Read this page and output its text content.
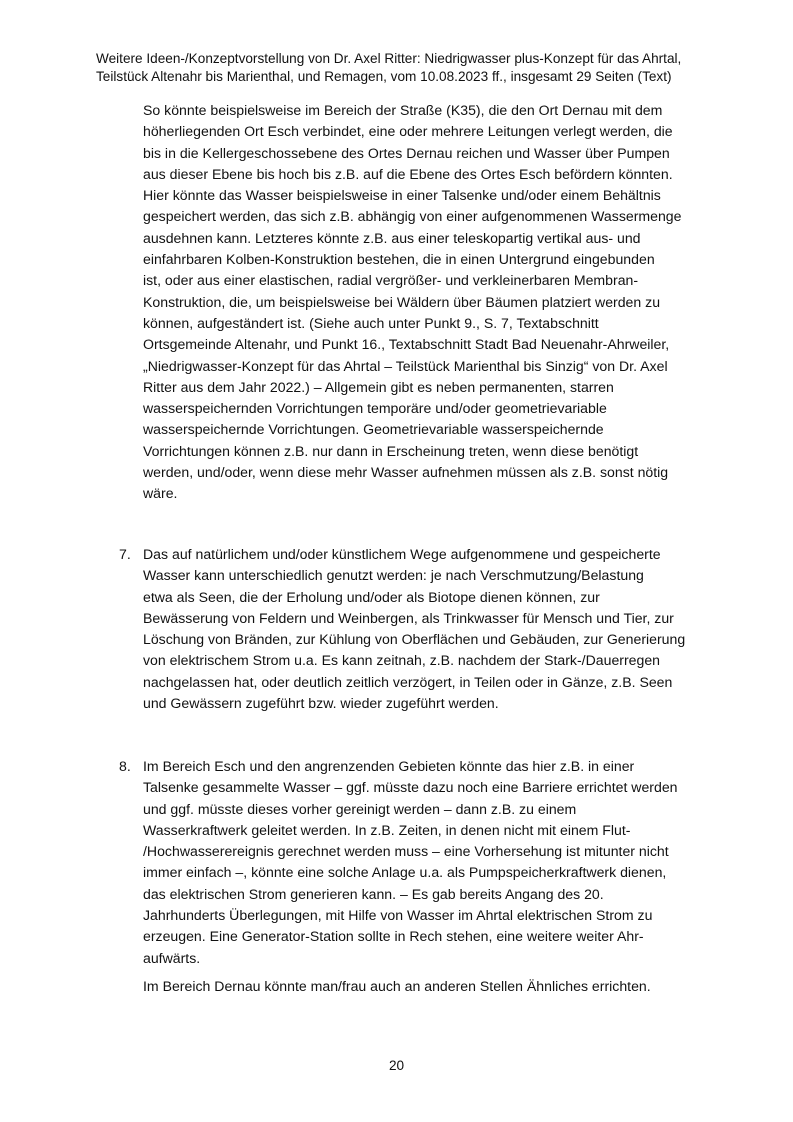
Weitere Ideen-/Konzeptvorstellung von Dr. Axel Ritter: Niedrigwasser plus-Konzept für das Ahrtal,
Teilstück Altenahr bis Marienthal, und Remagen, vom 10.08.2023 ff., insgesamt 29 Seiten (Text)
So könnte beispielsweise im Bereich der Straße (K35), die den Ort Dernau mit dem
höherliegenden Ort Esch verbindet, eine oder mehrere Leitungen verlegt werden, die
bis in die Kellergeschossebene des Ortes Dernau reichen und Wasser über Pumpen
aus dieser Ebene bis hoch bis z.B. auf die Ebene des Ortes Esch befördern könnten.
Hier könnte das Wasser beispielsweise in einer Talsenke und/oder einem Behältnis
gespeichert werden, das sich z.B. abhängig von einer aufgenommenen Wassermenge
ausdehnen kann. Letzteres könnte z.B. aus einer teleskopartig vertikal aus- und
einfahrbaren Kolben-Konstruktion bestehen, die in einen Untergrund eingebunden
ist, oder aus einer elastischen, radial vergrößer- und verkleinerbaren Membran-
Konstruktion, die, um beispielsweise bei Wäldern über Bäumen platziert werden zu
können, aufgeständert ist. (Siehe auch unter Punkt 9., S. 7, Textabschnitt
Ortsgemeinde Altenahr, und Punkt 16., Textabschnitt Stadt Bad Neuenahr-Ahrweiler,
„Niedrigwasser-Konzept für das Ahrtal – Teilstück Marienthal bis Sinzig“ von Dr. Axel
Ritter aus dem Jahr 2022.) – Allgemein gibt es neben permanenten, starren
wasserspeichernden Vorrichtungen temporäre und/oder geometrievariable
wasserspeichernde Vorrichtungen. Geometrievariable wasserspeichernde
Vorrichtungen können z.B. nur dann in Erscheinung treten, wenn diese benötigt
werden, und/oder, wenn diese mehr Wasser aufnehmen müssen als z.B. sonst nötig
wäre.
7. Das auf natürlichem und/oder künstlichem Wege aufgenommene und gespeicherte
Wasser kann unterschiedlich genutzt werden: je nach Verschmutzung/Belastung
etwa als Seen, die der Erholung und/oder als Biotope dienen können, zur
Bewässerung von Feldern und Weinbergen, als Trinkwasser für Mensch und Tier, zur
Löschung von Bränden, zur Kühlung von Oberflächen und Gebäuden, zur Generierung
von elektrischem Strom u.a. Es kann zeitnah, z.B. nachdem der Stark-/Dauerregen
nachgelassen hat, oder deutlich zeitlich verzögert, in Teilen oder in Gänze, z.B. Seen
und Gewässern zugeführt bzw. wieder zugeführt werden.
8. Im Bereich Esch und den angrenzenden Gebieten könnte das hier z.B. in einer
Talsenke gesammelte Wasser – ggf. müsste dazu noch eine Barriere errichtet werden
und ggf. müsste dieses vorher gereinigt werden – dann z.B. zu einem
Wasserkraftwerk geleitet werden. In z.B. Zeiten, in denen nicht mit einem Flut-
/Hochwasserereignis gerechnet werden muss – eine Vorhersehung ist mitunter nicht
immer einfach –, könnte eine solche Anlage u.a. als Pumpspeicherkraftwerk dienen,
das elektrischen Strom generieren kann. – Es gab bereits Angang des 20.
Jahrhunderts Überlegungen, mit Hilfe von Wasser im Ahrtal elektrischen Strom zu
erzeugen. Eine Generator-Station sollte in Rech stehen, eine weitere weiter Ahr-
aufwärts.
Im Bereich Dernau könnte man/frau auch an anderen Stellen Ähnliches errichten.
20
